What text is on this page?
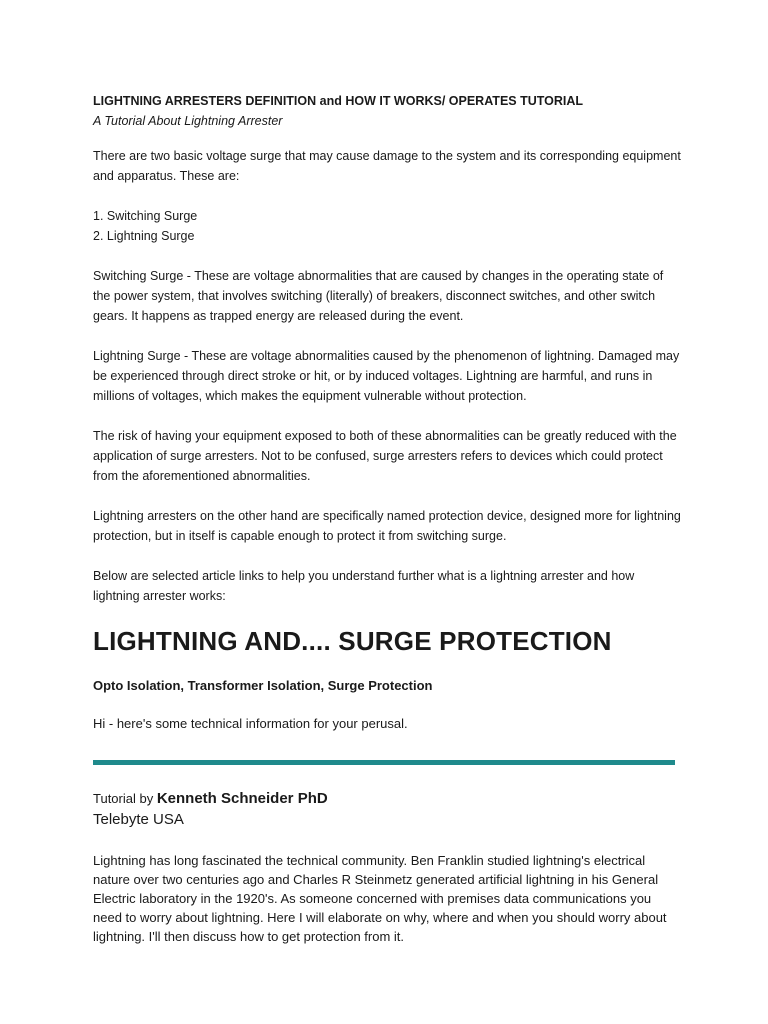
LIGHTNING ARRESTERS DEFINITION and HOW IT WORKS/ OPERATES TUTORIAL
A Tutorial About Lightning Arrester

There are two basic voltage surge that may cause damage to the system and its corresponding equipment and apparatus. These are:

1. Switching Surge
2. Lightning Surge

Switching Surge - These are voltage abnormalities that are caused by changes in the operating state of the power system, that involves switching (literally) of breakers, disconnect switches, and other switch gears. It happens as trapped energy are released during the event.

Lightning Surge - These are voltage abnormalities caused by the phenomenon of lightning. Damaged may be experienced through direct stroke or hit, or by induced voltages. Lightning are harmful, and runs in millions of voltages, which makes the equipment vulnerable without protection.

The risk of having your equipment exposed to both of these abnormalities can be greatly reduced with the application of surge arresters. Not to be confused, surge arresters refers to devices which could protect from the aforementioned abnormalities.

Lightning arresters on the other hand are specifically named protection device, designed more for lightning protection, but in itself is capable enough to protect it from switching surge.

Below are selected article links to help you understand further what is a lightning arrester and how lightning arrester works:

LIGHTNING AND.... SURGE PROTECTION
Opto Isolation, Transformer Isolation, Surge Protection
Hi - here's some technical information for your perusal.
Tutorial by Kenneth Schneider PhD
Telebyte USA

Lightning has long fascinated the technical community. Ben Franklin studied lightning's electrical nature over two centuries ago and Charles R Steinmetz generated artificial lightning in his General Electric laboratory in the 1920's. As someone concerned with premises data communications you need to worry about lightning. Here I will elaborate on why, where and when you should worry about lightning. I'll then discuss how to get protection from it.
